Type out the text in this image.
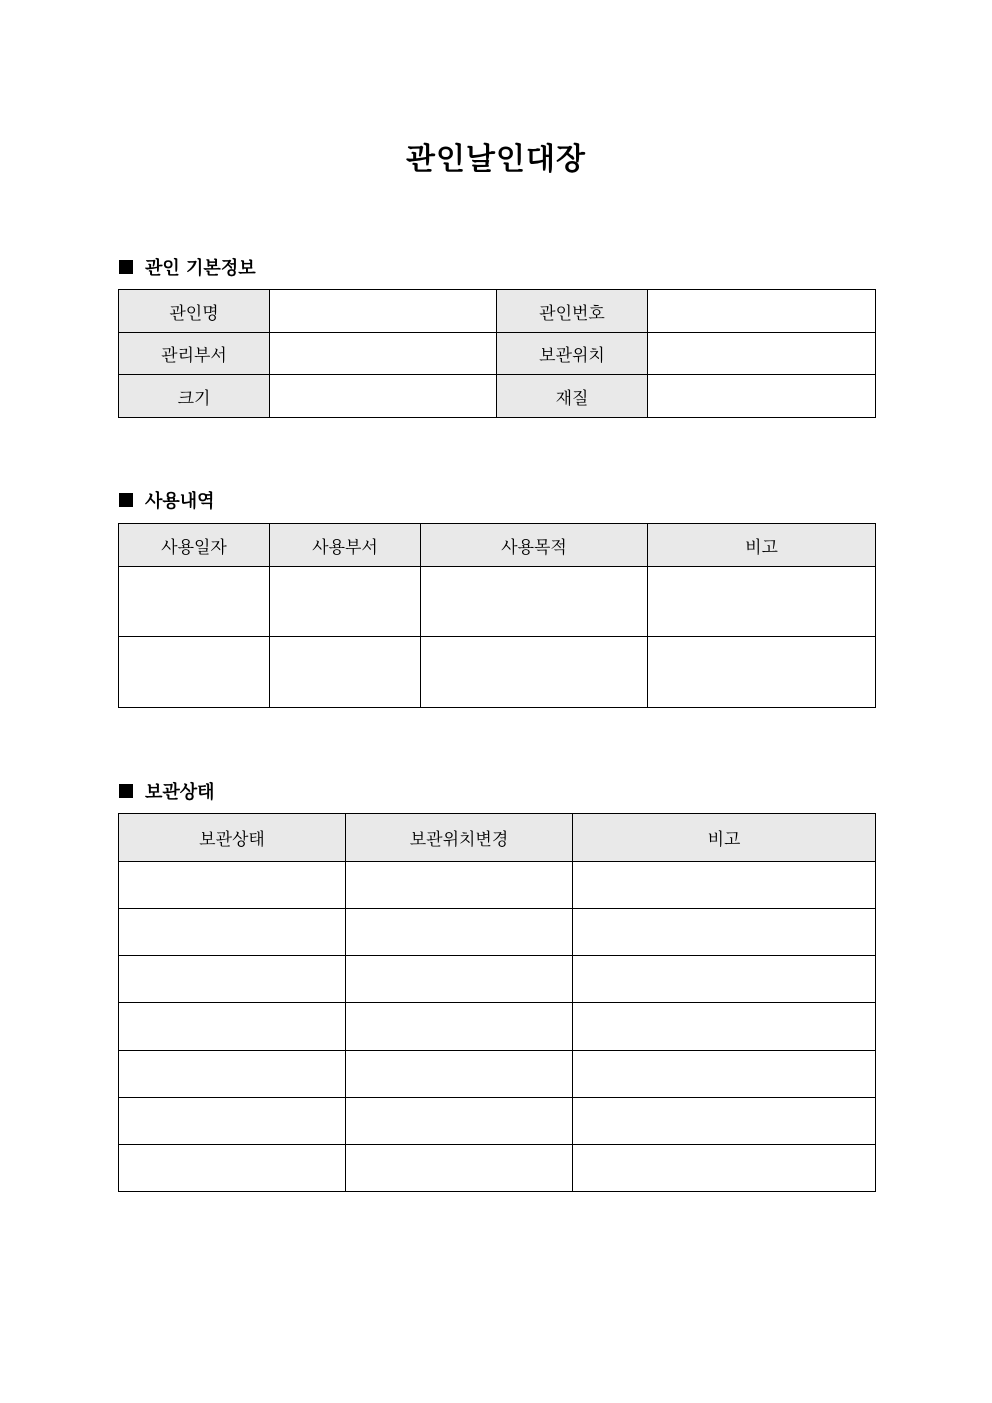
관인날인대장
관인 기본정보
관인명		관인번호	
관리부서		보관위치	
크기		재질	
사용내역
사용일자	사용부서	사용목적	비고

보관상태
보관상태	보관위치변경	비고
